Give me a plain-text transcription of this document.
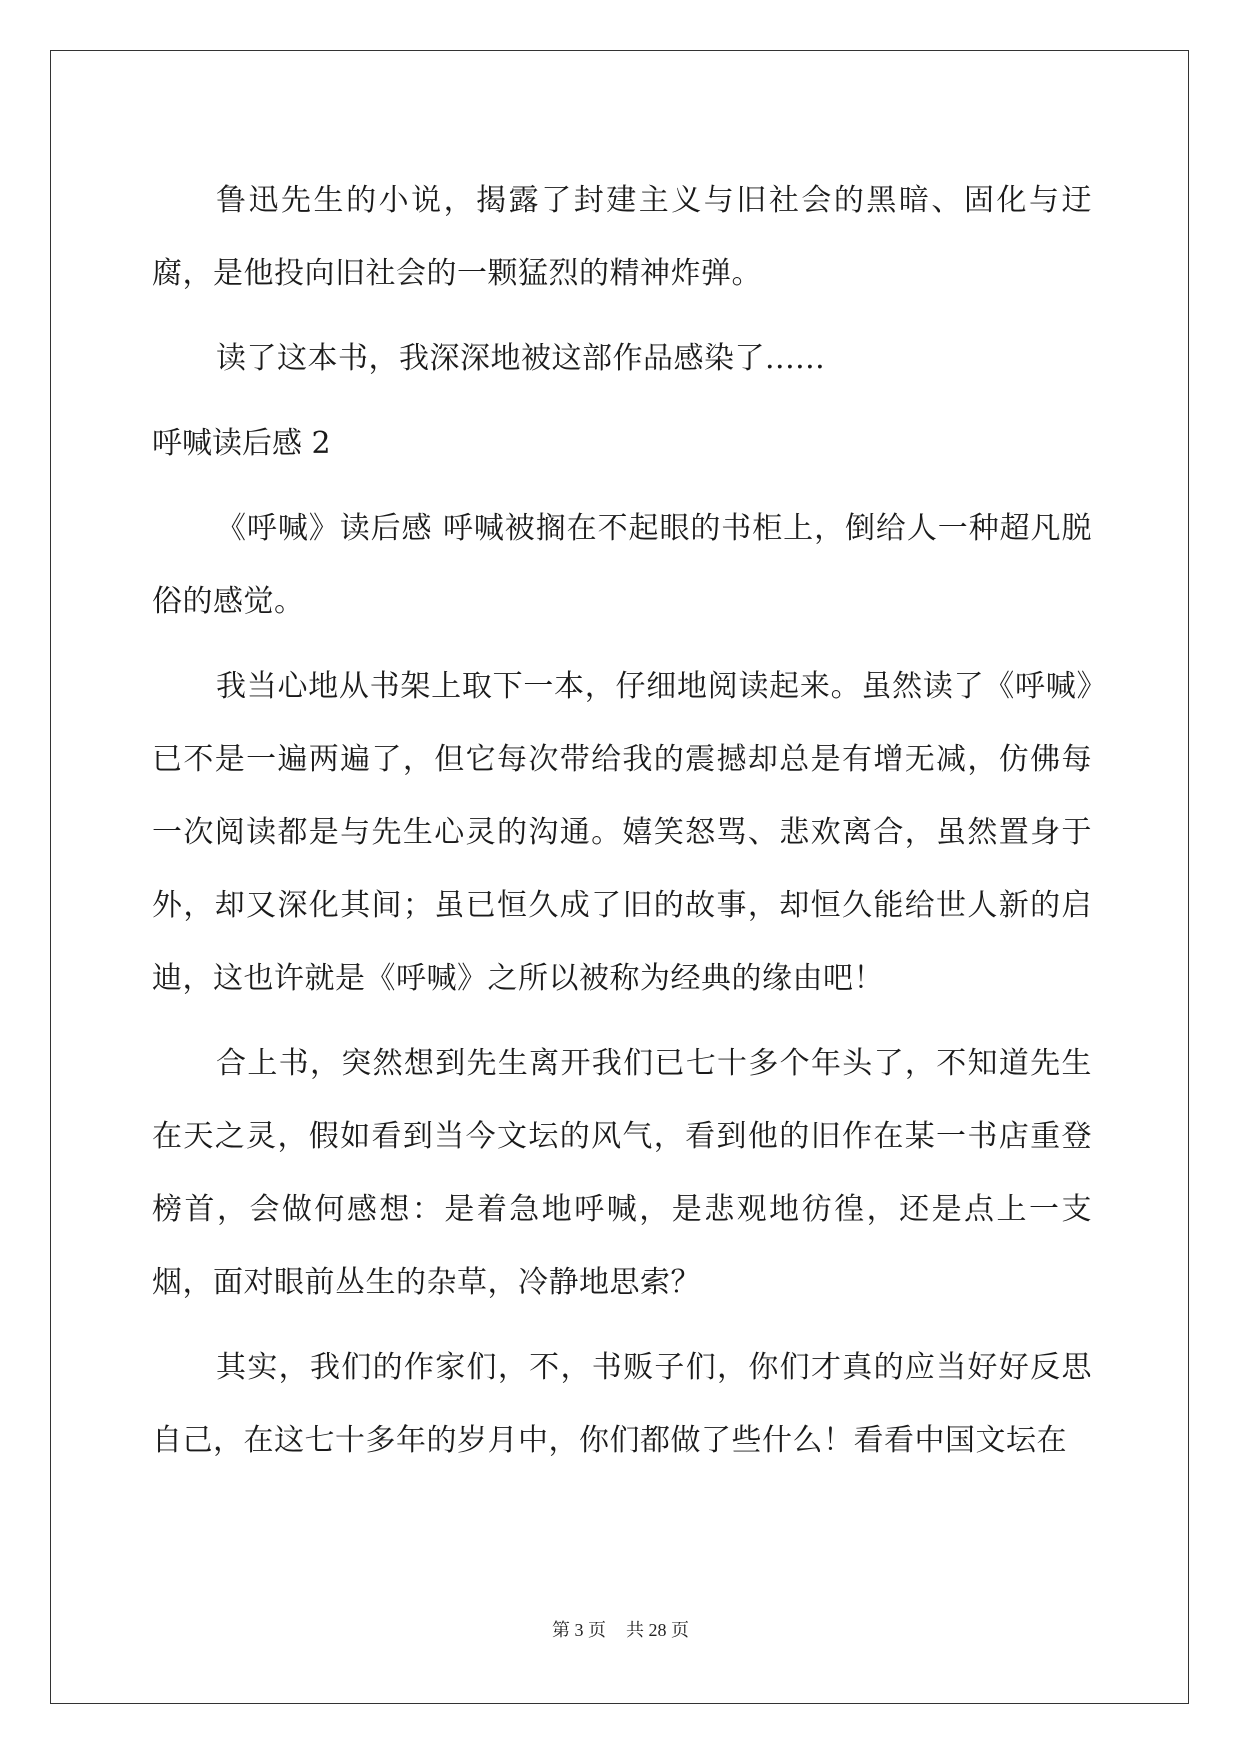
鲁迅先生的小说，揭露了封建主义与旧社会的黑暗、固化与迂腐，是他投向旧社会的一颗猛烈的精神炸弹。

读了这本书，我深深地被这部作品感染了......

呼喊读后感 2

《呼喊》读后感 呼喊被搁在不起眼的书柜上，倒给人一种超凡脱俗的感觉。

我当心地从书架上取下一本，仔细地阅读起来。虽然读了《呼喊》已不是一遍两遍了，但它每次带给我的震撼却总是有增无减，仿佛每一次阅读都是与先生心灵的沟通。嬉笑怒骂、悲欢离合，虽然置身于外，却又深化其间；虽已恒久成了旧的故事，却恒久能给世人新的启迪，这也许就是《呼喊》之所以被称为经典的缘由吧！

合上书，突然想到先生离开我们已七十多个年头了，不知道先生在天之灵，假如看到当今文坛的风气，看到他的旧作在某一书店重登榜首，会做何感想：是着急地呼喊，是悲观地彷徨，还是点上一支烟，面对眼前丛生的杂草，冷静地思索？

其实，我们的作家们，不，书贩子们，你们才真的应当好好反思自己，在这七十多年的岁月中，你们都做了些什么！看看中国文坛在

第 3 页 共 28 页
